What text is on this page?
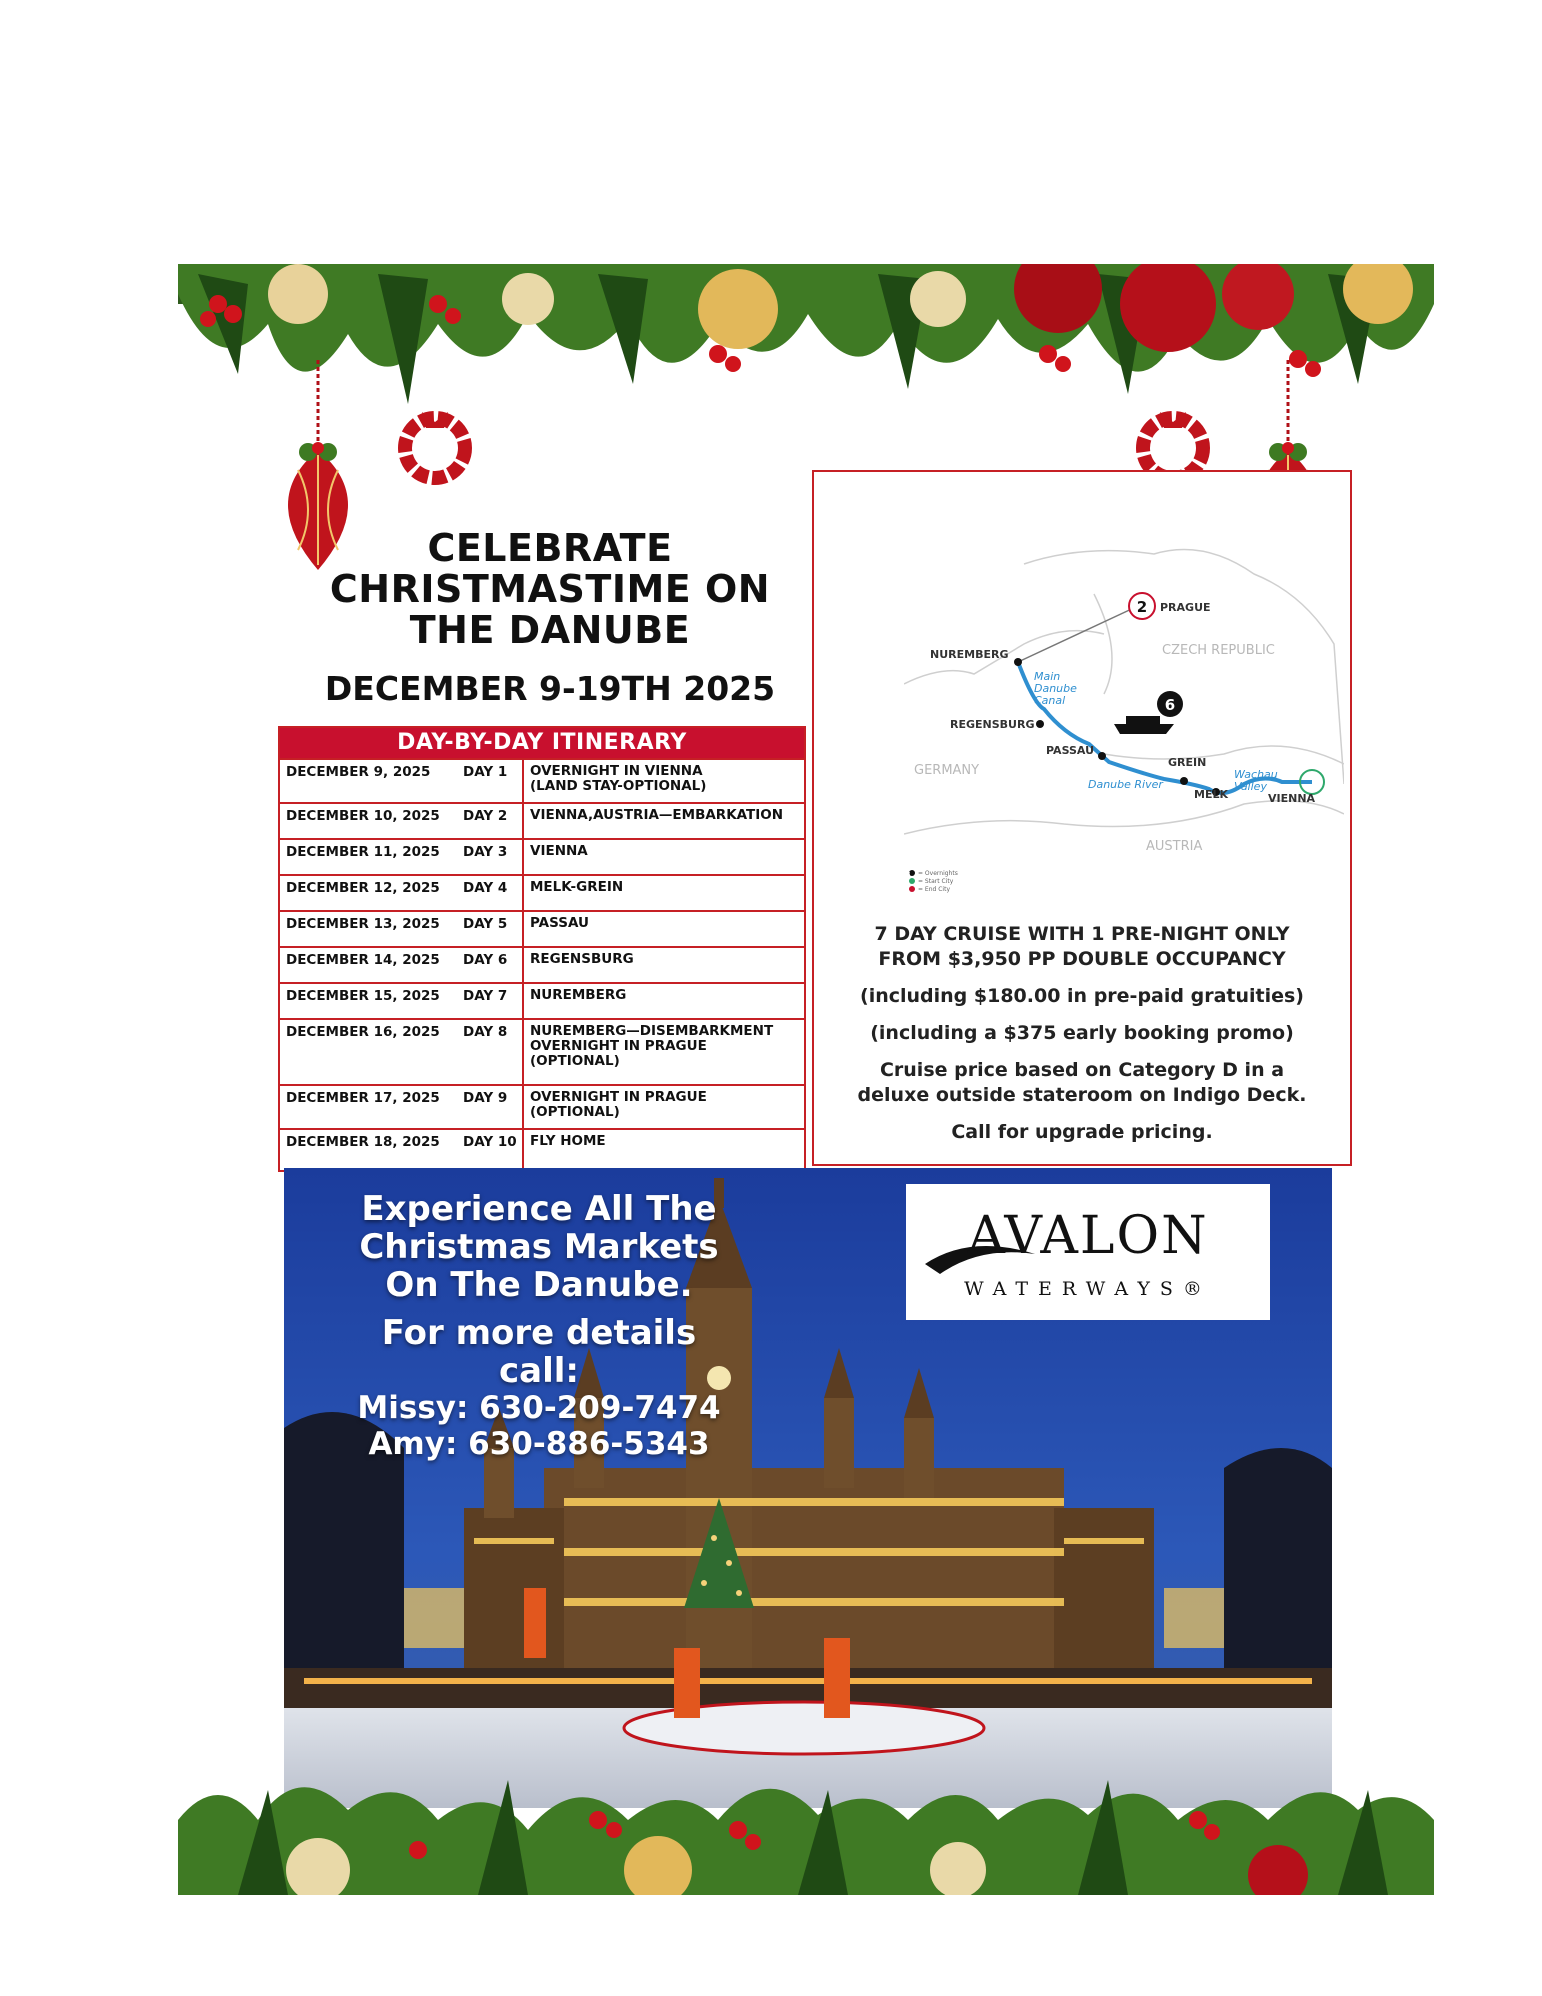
CELEBRATE
CHRISTMASTIME ON
THE DANUBE
DECEMBER 9-19TH 2025
DAY-BY-DAY ITINERARY
DECEMBER 9, 2025	DAY 1	OVERNIGHT IN VIENNA
(LAND STAY-OPTIONAL)
DECEMBER 10, 2025	DAY 2	VIENNA,AUSTRIA—EMBARKATION
DECEMBER 11, 2025	DAY 3	VIENNA
DECEMBER 12, 2025	DAY 4	MELK-GREIN
DECEMBER 13, 2025	DAY 5	PASSAU
DECEMBER 14, 2025	DAY 6	REGENSBURG
DECEMBER 15, 2025	DAY 7	NUREMBERG
DECEMBER 16, 2025	DAY 8	NUREMBERG—DISEMBARKMENT
OVERNIGHT IN PRAGUE
(OPTIONAL)
DECEMBER 17, 2025	DAY 9	OVERNIGHT IN PRAGUE
(OPTIONAL)
DECEMBER 18, 2025	DAY 10 FLY HOME
2
6
PRAGUE
NUREMBERG
REGENSBURG
PASSAU
GREIN
MELK	VIENNA
CZECH REPUBLIC
GERMANY
AUSTRIA
Main
Danube
Canal
Danube River
Wachau
Valley
1 = Overnights
= Start City
= End City

7 DAY CRUISE WITH 1 PRE-NIGHT ONLY FROM $3,950 PP DOUBLE OCCUPANCY

(including $180.00 in pre-paid gratuities)

(including a $375 early booking promo)

Cruise price based on Category D in a deluxe outside stateroom on Indigo Deck.

Call for upgrade pricing.

Experience All The
Christmas Markets
On The Danube.
For more details call:
Missy: 630-209-7474
Amy: 630-886-5343
AVALON
WATERWAYS®
